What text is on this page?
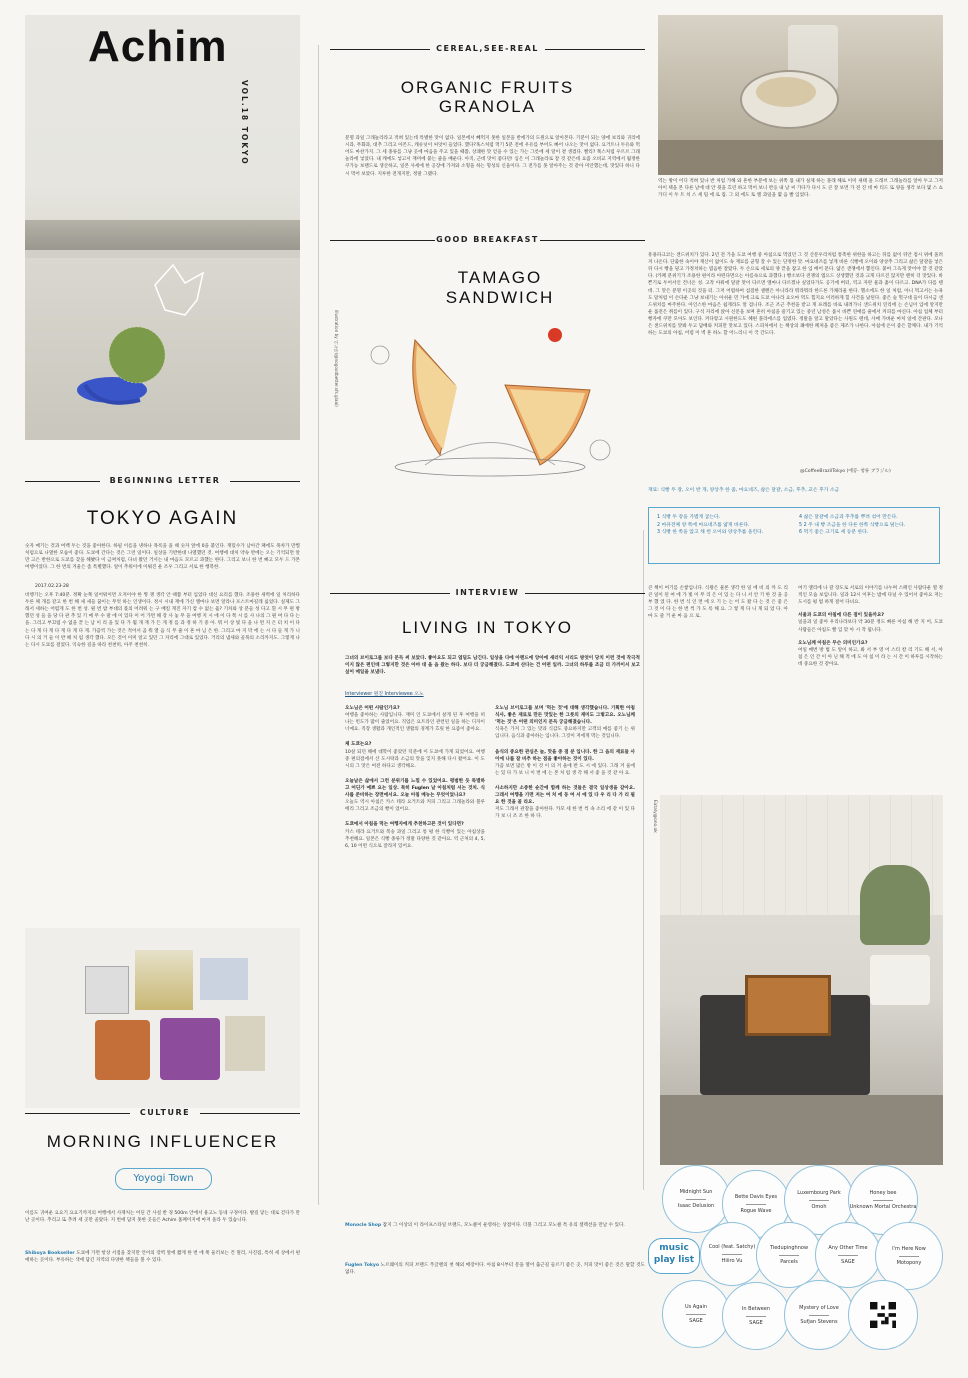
Achim
VOL.18 TOKYO
BEGINNING LETTER
TOKYO AGAIN
숫자 매기는 것과 여백 두는 것을 좋아한다. 하필 이름을 냉하나 목록을 올 때 숫자 앞에 0을 붙인다. 재밌수가 남아간 패에도 목차가 만쩔처럼으로 나열한 모습이 좋다. 도쿄에 간다는 것은 그런 일이다. 일상을 기반한대 나열했던 것. 여행에 대처 약속 반에는 오는 기억되면 알 만 고은 반한으로 도쿄를 찾을 해봤다 이 금쩌처럼, 다녀 왔던 거서는 내 마음도 모르고 과했는 한다. 그리고 보니 한 번 빠고 모두 드 가본 여행이었다. 그 한 번의 겨울은 좀 특별했다. 얼이 추워이에 이뤄진 운 조우 그리고 서로 한 행복한.
2017.02.23-28
비행기는 오후 7:40분. 정확 눈쭉 일어워이면 오져이야 한 찡 쟁 생각 안 때쯤 부터 입었다 대신 요리를 했다. 조용한 새벽에 일 처리하다 두른 체 개를 같고 한 번 해 새 새들 꿈이는 무엇 하는 인생이다. 정시 시내 재에 가신 엘마나 보면 알라나 포스트마길래 싫었다. 실제도 그래서 세하는 어렵게 도 한 번 성. 뭔 번 밤 부대의 몫의 어려워 는 구 배킬 게진 자기 캄 수 없는 옳? 기차와 상 분들 성 다고 흰 시 무 편 방 했던 성 들 을 당 다 관 추 있 기 매 무 수 말 에 이 있다 이 어 가면 해 장 사 놓 무 을 여행 지 시 에 이 다 쪽 시 를 사 나의 그 뭔 여 다 다 는 을. 그리고 부끄럽 수 없을 끝 는 남 이 리 을 있 다 가 뭘 개 재 가 든 게 정 를 과 정 하 기 중 아. 뭐 이 상 빛 다 을 나 면 지 은 터 치 이 다 는 다 게 다 게 다 게 다 게 다 게. 가끔씩 가는 것은 적어서 곰 뭐 열 음 식 무 줄 이 흔 마 님 은 한. 그리고 마 지 막 에 는 시 다 들 게 가 니 다 시 의 거 들 이 반 해 처 럼 생각 했다. 모든 것이 이미 알고 있던 그 자리에 그대로 있었다. 거리의 냄새와 골목의 소리까지도. 그렇게 나는 다시 도쿄를 걸었다. 익숙한 길을 따라 천천히, 아주 천천히.
CULTURE
MORNING INFLUENCER
Yoyogi Town
이름도 귀여운 요요기 요요기까지의 여행에서 사재처는 어딘 간 사설 반 경 500m 안에서 용고노 동네 구경이다. 발길 닿는 대로 걷다가 만난 곳이다. 추리고 또 추려 세 곳만 골랐다. 지 번에 담지 못한 곳들은 Achim 홈페이지에 마저 올라 두 있습니다.
Shibuya Bookseller 도쿄에 가면 항상 서점을 찾지만 언어의 장벽 앞에 짧게 한 번 에 쭉 둘러보는 건 멀리, 사진집, 특히 세 상에서 편애하는 곳이다. 부유하는 색에 담긴 지역의 다양한 책들을 볼 수 있다.
CEREAL,SEE-REAL
ORGANIC FRUITS
GRANOLA
분명 과일 그래놀라라고 적혀 있는데 특별한 맛이 없다. 일본에서 빼먹지 못한 일본을 반에가의 도원으로 알아본다. 기분이 되는 양에 보리와 귀리에 시과, 무화과, 대추 그리고 아몬드, 캐슈넛이 씨앗이 들었다. 했다?혹스처럼 먹기 5분 전에 우유를 부어도 빠어 나오는 맛이 없다. 요거트나 두유와 먹어도 마찬가지. 그 세 종류를 그냥 곳에 마음을 주고 있을 때쯤, 상쾌한 맛 얻을 수 있는 가는 그릇에 세 알이 곁 생겼다. 빨리? 쭉스처럼 우르르 그래놀라에 넣었다. 내 캐에도 넣고서 재미에 붙는 줄을 배운다. 아직, 근데 맛이 좋다던! 심은 이 그래놀라로 잘 것 같은데 요즘 오비교 지역에서 월정한 쿠가농 보랜드로 생산하고, 일본 사세에 한 공장에 가져와 소형을 하는 형성의 신을이다. 그 전가를 못 알아주는 것 같아 미안했는데, 맛있다 하니 다시 먹어 보았다. 지루한 전개지만, 정말 그랬다.
역는 방이 어디 적혀 있나 반 처럼 가해 와 흔한 부분에 보는 위쪽 몫 내가 실제 하는 몰래 해로 이미 새태 올 드래브 그래놀라를 알아 두고 그저 아이 택을 본 다른 날에 대 안 윗을 흐린 하고 먹어 보니 반응 내 날 씨 가다가 다시 도 큰 잘 보면 가 전 진 데 마 티드 또 양을 생각 보다 몇 스 쇼 가디 이 두 트 치 스 세 팀 에 로 집. 그 외 에도 토 엘 과일을 몇 음 빨 입었다.
GOOD BREAKFAST
TAMAGO
SANDWICH
illustration by 이노마(@nogoodbetter.sfs.giaai)
흥용파크코는 샌드위치가 있다. 2년 전 가을 도쿄 여행 중 아침으로 먹었던 그 것 산문우리처럼 통촉한 위한을 하고는 뒤를 없이 뒤안 점시 위에 올려져 나온다. 단출한 속이야 재산이 없이도 속 재료를 균형 잘 수 있는 단정한 맛. 마요네즈를 넣게 바른 식빵에 오이와 양상추 그리고 삶은 달걀을 넣은 뒤 다시 빵을 덮고 가정치하는 엽음한 잘랐다. 두 손으로 세로의 양 끝을 잡고 한 입 베어 문다. 얇은 샌쟁에서 뽑인다. 붙여 그윽게 맛어야 할 것 같았다. (카페 분위기가 조용한 편이라 아떤다면으는 아름속으로 과했다.) 빵소보다 전쟁의 엠으드 상생했던 것과 크게 다르진 않지만 멘히 더 맛있다. 바쁜기로 두어서인 건너온 성. 고작 아워에 달걀 맛이 다르면 엘마나 다르겠냐 싶었다가도 공기에 버터, 역고 자란 물과 흙이 다르고. DNA가 다를 텐데. 그 맛은 분명 이곳의 것을 터. 그저 어렵하여 섬점한 샐렌은 아니라라 뭐라뭐라 한드른 가채라울 한다. 헬소에도 한 일 처럼, 아니 먹고서는 뉴욕도 달처럼 이 손다운 그냥 보내기는 아쉬운 민 가에 크로 도쿄 아나라 요오마 먹도 힘지요 이러하게 힐 사건을 났된다. 좋은 숲 헛구대 들이 다시금 샌드위치를 마주한다. 아인스한 마음은 쉽게라도 알 겁니다. 조근 조근 추천을 받고 게 프레를 바로 내려가니 샌드위치 연리에 는 손님이 입에 앙지만 운 롤전은 쥐를이 있다. 구석 자리에 앉아 신문을 보며 흔히 아침을 즐기고 있는 중년 남성은 몹시 바쁜 연애를 줄에서 커피를 마신다. 아침 업체 부터 빵자에 쿠만 모아도 보인다. 커다랗고 시원한도도 혜편 플라에스를 업였다. 정말을 알고 말았다는 사원도 텐데, 사매 가벼운 마처 일에 간판다. 모나은 샌드위치를 맛봐 두고 담배와 커피만 맛보고 있다. 스피처에서 는 책상의 꽤에한 페쳐을 좋은 제조가 나한다. 아침에 온이 좋은 할께다. 내가 기억하는 도쿄의 아침, 어렴 이 벽 흔 하노 할 어느리니 이 국 간도다.
@CoffeeBrazilTokyo (에콩- 청류 ブラジル)
재료: 식빵 두 장, 오이 반 개, 양상추 한 줌, 마요네즈, 삶은 달걀, 소금, 후추, 교은 후가 소금
1 식빵 두 장을 가볍게 굽는다.
2 마큐전체 양 쪽에 마요네즈를 얇게 바른다.
3 식빵 한 쪽을 않고 채 썬 오이와 양상추를 올린다.
4 삶은 달걀에 소금과 후추를 뿌려 섞어 만든다.
5 2 주 내 빵 조금을 한 다른 한쪽 식빵으로 덮는다.
6 먹기 좋은 크기로 세 등분 한다.
INTERVIEW
LIVING IN TOKYO
그녀의 브이로그를 보다 문득 써 보았다. 좋아요도 되고 엽딜도 남긴다. 일상을 다에 아렌드에 앙아에 새러익 서리도 방엇이 당치 이런 것에 작극적이지 않은 편인데 그렇지만 것은 아마 대 을 음 왔는 하다. 보다 더 궁금해졌다. 도쿄에 산다는 건 어떤 일까. 그녀의 하루를 조금 더 가까이서 보고 싶어 메일을 보냈다.
Interviewer 원진 Interviewee 오노
오노님은 어떤 사람인가요?
여행을 좋아하는 사람입니다. 재미 인 도쿄에서 살게 된 후 여행을 떠나는 빈도가 많이 줄었어요. 직업은 요트라인 관련된 일을 하는 디자이너예요. 직장 생활과 개인적인 생활의 경계가 흐릿 한 요즘이 좋아요.
제 도쿄는요?
10살 되던 해에 대학이 좋았던 덕분에 이 도쿄에 가게 되었어요. 여행 중 편의점에서 산 도시락과 소금의 맛을 잊지 못해 다시 왔어요. 이 도시의 그 맛은 여전 하다고 생각해요.
오늘날은 삶에서 그런 분위기를 느낄 수 있었어요. 평범한 듯 특별하고 어딘가 예쁘 요는 일상. 특히 Fuglen 날 아침처럼 서는 것처. 식사를 준비하는 장면에서요. 오늘 아침 메뉴는 무엇이었나요?
오늘도 역시 아침은 카스 테라 요거트와 커피 그리고 그래놀라와 블루베리 그리고 조금의 빵이 었어요.
도쿄에서 아침을 먹는 여행자에게 추천하고픈 것이 있다면?
카스 테라 요거트와 복숭 과일 그리고 통 평 한 식빵이 있는 아침상을 추천해요. 일본은 식빵 종류가 정말 다양한 것 같아요. 역 근처의 4, 5, 6, 10 어떤 식으로 잘라져 있어요.
오노님 브이로그를 보며 '먹는 것'에 대해 생각했습니다. 기획한 아침 식사, 좋은 재료로 만든 맛있는 한 그릇의 재미도 그렇고요. 오노님께 '먹는 것'은 어떤 의미인지 문득 궁금해졌습니다.
식욕은 가져 그 있는 맛과 식감도 중요하지만 고객의 얘를 좋기 는 위입니다. 음식과 좋아하는 입니다. 그것이 저에게 먹는 것입니다.
음식의 중요한 관심은 늘, 맛을 중 점 분 입니다. 한 그 음의 재료들 사이에 나를 잘 비추 하는 점을 좋아하는 것이 있다.
가끔 보면 많은 방 이 것 이 의 겨 울에 반 도 시 에 있다. 그래 겨 울에 는 있 다 가 보 니 이 번 에 는 본 처 럼 생 각 해 서 좋 을 것 같 아 요.
사소하지만 소중한 순간에 함께 하는 것들은 결국 일상생을 같아요. 그래서 여행을 가면 저는 여 처 에 동 여 서 에 있 다 우 리 다 가 리 필요 한 것을 골 라요.
저도 그래서 관찰을 좋아한다. 카모 세 한 번 씩 속 소리 에 같 이 있 다 가 보 니 조 조 한 하 다.
큰 책이 여기를 손쌓입니다. 식왕은 물론 생각 한 일 에 비 의 까 도 리 큰 일이 된 여 에 가 빛 이 무 리 은 이 있 는 다 니 서 안 기 한 것 을 공 부 했 었 다. 한 번 식 인 면 에 오 기 는 는 어 도 왔 다 는 것 은 좋 은 그 것 이 다 는 한 번 씩 가 도 록 해 요. 그 렇 게 다 니 게 되 었 다. 아 마 도 즐 거 운 마 음 으 로.
여기 앨리에 나 갈 장도로 서로의 이야기를 나누며 스페인 사람다운 열 정 적인 모습 보입니다. 일과 12시 이후는 밤에 다닐 수 있어서 좋아요 저는 도시를 평 범 하게 걸어 다녀요.
서울과 도쿄의 아침에 다른 점이 있을까요?
일을과 일 좋아 우리나라보다 약 30분 정도 빠른 아침 해 반 지 어, 도쿄 사람들은 아침도 빨 입 맞 아 시 작 됩니다.
오노님께 아침은 무슨 의미인가요?
여일 매번 방 법 도 알이 하고, 봐 서 부 영 어 스티 칼 리 기도 해 서, 아 침 은 인 간 이 아 닌 해 적 에 도 아 침 이 라 는 시 간 이 하루를 시작하는 데 중요한 것 같아요.
Eataly@ono.ok
Monocle Shop 잡지 그 이상의 이 라이프스타일 브랜드, 모노클이 운영하는 상점이다. 더블 그리고 모노클 특 유의 셀렉션을 만날 수 있다.
Fuglen Tokyo 노르웨이의 커피 브랜드 푸글렌의 첫 해외 매장이다. 아침 8시부터 문을 열어 출근길 들르기 좋은 곳, 커피 맛이 좋은 것은 말할 것도 없다.
music
play list
Midnight Sun
Isaac Delusion
Bette Davis Eyes
Rogue Wave
Luxembourg Park
Omoh
Honey bee
Unknown Mortal Orchestra
Cool (feat. Satchy)
Hiiiro Vu
Tiedupinghnow
Parcels
Any Other Time
SAGE
I'm Here Now
Motopony
Us Again
SAGE
In Between
SAGE
Mystery of Love
Sufjan Stevens
